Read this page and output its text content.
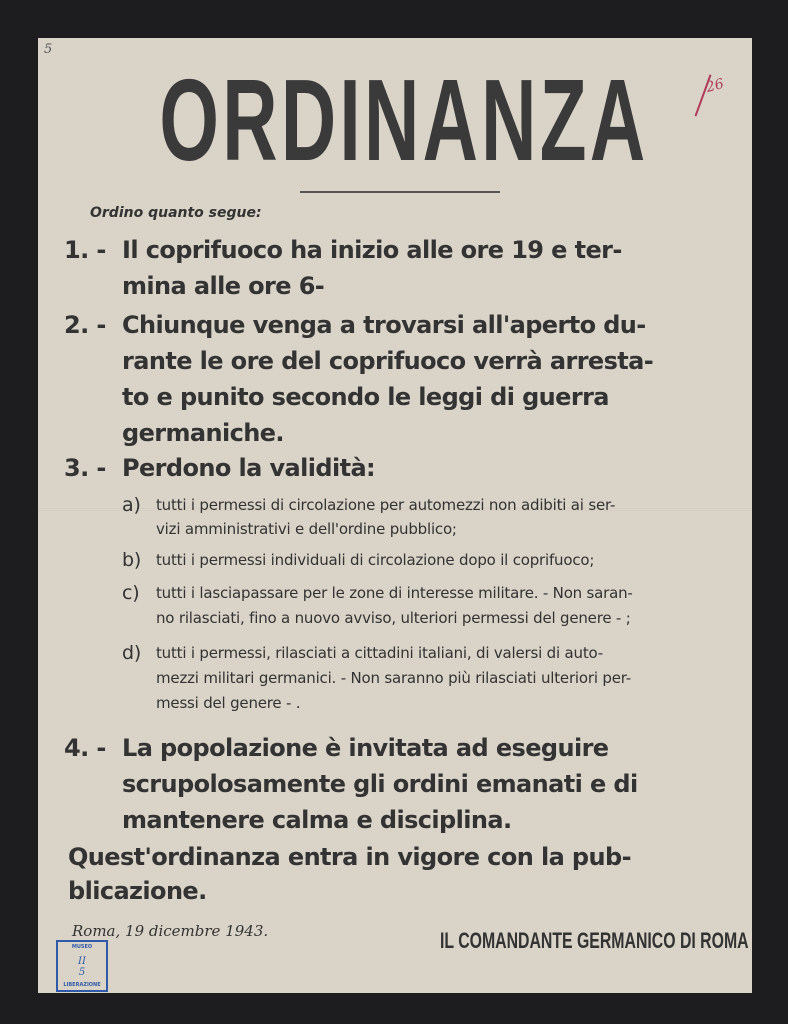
5
26
ORDINANZA
Ordino quanto segue:
1. - Il coprifuoco ha inizio alle ore 19 e ter-
mina alle ore 6-
2. - Chiunque venga a trovarsi all'aperto du-
rante le ore del coprifuoco verrà arresta-
to e punito secondo le leggi di guerra
germaniche.
3. - Perdono la validità:
a) tutti i permessi di circolazione per automezzi non adibiti ai ser-
vizi amministrativi e dell'ordine pubblico;
b) tutti i permessi individuali di circolazione dopo il coprifuoco;
c) tutti i lasciapassare per le zone di interesse militare. - Non saran-
no rilasciati, fino a nuovo avviso, ulteriori permessi del genere - ;
d) tutti i permessi, rilasciati a cittadini italiani, di valersi di auto-
mezzi militari germanici. - Non saranno più rilasciati ulteriori per-
messi del genere - .
4. - La popolazione è invitata ad eseguire
scrupolosamente gli ordini emanati e di
mantenere calma e disciplina.
Quest'ordinanza entra in vigore con la pub-
blicazione.
Roma, 19 dicembre 1943.	IL COMANDANTE GERMANICO DI ROMA
MUSEO
II
5
LIBERAZIONE
